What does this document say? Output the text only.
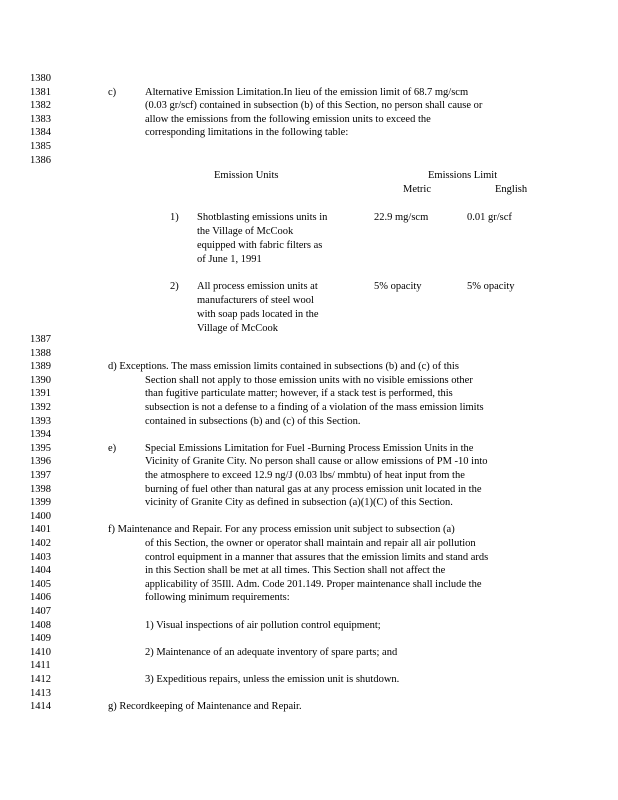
1380
1381
1382
1383
1384
1385
1386
1387
1388
1389
1390
1391
1392
1393
1394
1395
1396
1397
1398
1399
1400
1401
1402
1403
1404
1405
1406
1407
1408
1409
1410
1411
1412
1413
1414
c)	Alternative Emission Limitation.In lieu of the emission limit of 68.7 mg/scm
(0.03 gr/scf) contained in subsection (b) of this Section, no person shall cause or
allow the emissions from the following emission units to exceed the
corresponding limitations in the following table:
Emission Units	Emissions Limit
Metric	English
1) Shotblasting emissions units in
the Village of McCook
equipped with fabric filters as
of June 1, 1991
22.9 mg/scm	0.01 gr/scf
2) All process emission units at
manufacturers of steel wool
with soap pads located in the
Village of McCook
5% opacity	5% opacity
d) Exceptions. The mass emission limits contained in subsections (b) and (c) of this
Section shall not apply to those emission units with no visible emissions other
than fugitive particulate matter; however, if a stack test is performed, this
subsection is not a defense to a finding of a violation of the mass emission limits
contained in subsections (b) and (c) of this Section.
e)	Special Emissions Limitation for Fuel -Burning Process Emission Units in the
Vicinity of Granite City. No person shall cause or allow emissions of PM -10 into
the atmosphere to exceed 12.9 ng/J (0.03 lbs/ mmbtu) of heat input from the
burning of fuel other than natural gas at any process emission unit located in the
vicinity of Granite City as defined in subsection (a)(1)(C) of this Section.
f) Maintenance and Repair. For any process emission unit subject to subsection (a)
of this Section, the owner or operator shall maintain and repair all air pollution
control equipment in a manner that assures that the emission limits and stand ards
in this Section shall be met at all times. This Section shall not affect the
applicability of 35Ill. Adm. Code 201.149. Proper maintenance shall include the
following minimum requirements:
1) Visual inspections of air pollution control equipment;
2) Maintenance of an adequate inventory of spare parts; and
3) Expeditious repairs, unless the emission unit is shutdown.
g) Recordkeeping of Maintenance and Repair.
